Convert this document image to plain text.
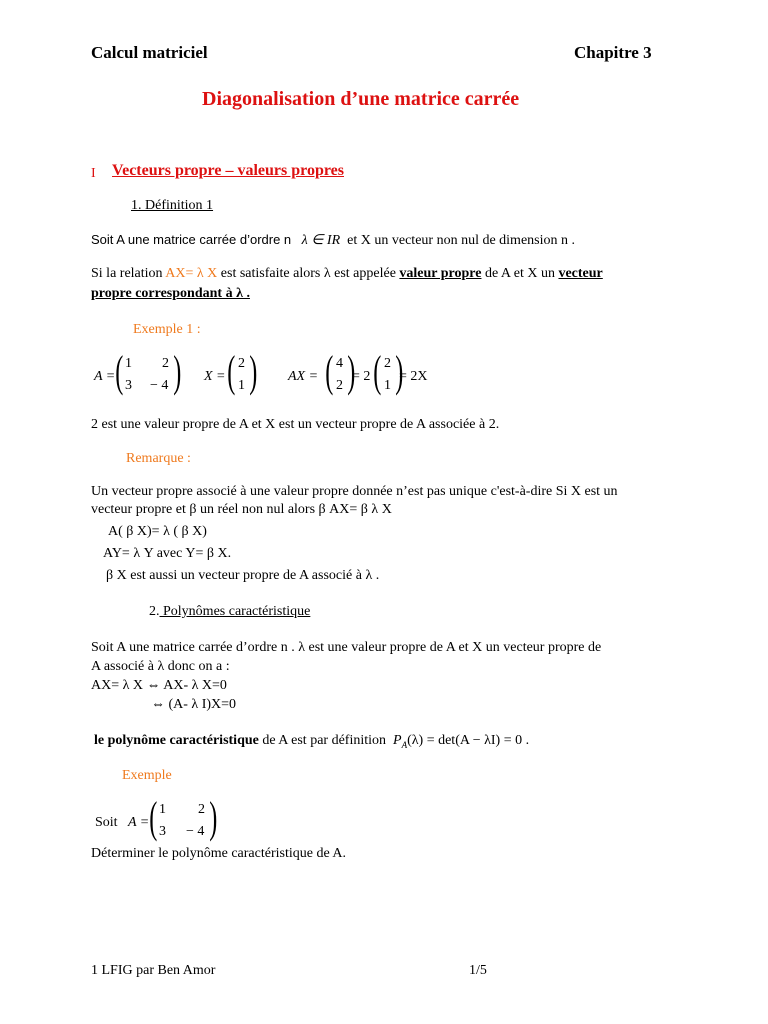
Calcul matriciel	Chapitre 3
Diagonalisation d’une matrice carrée
I Vecteurs propre – valeurs propres
1. Définition 1
Soit A une matrice carrée d’ordre n λ ∈ IR et X un vecteur non nul de dimension n .
Si la relation AX= λ X est satisfaite alors λ est appelée valeur propre de A et X un vecteur
propre correspondant à λ .
Exemple 1 :
A = ( 1 2
3 − 4 ) X = ( 2
1 ) AX = ( 4
2 )
= 2 ( 2
1 )
= 2X
2 est une valeur propre de A et X est un vecteur propre de A associée à 2.
Remarque :
Un vecteur propre associé à une valeur propre donnée n’est pas unique c'est-à-dire Si X est un
vecteur propre et β un réel non nul alors β AX= β λ X
A( β X)= λ ( β X)
AY= λ Y avec Y= β X.
β X est aussi un vecteur propre de A associé à λ .
2. Polynômes caractéristique
Soit A une matrice carrée d’ordre n . λ est une valeur propre de A et X un vecteur propre de
A associé à λ donc on a :
AX= λ X ⇔ AX- λ X=0
⇔ (A- λ I)X=0
le polynôme caractéristique de A est par définition $P_A(\lambda) = \det(A - \lambda I) = 0$ .
Exemple
Soit A = ( 1 2
3 − 4 )
Déterminer le polynôme caractéristique de A.
1 LFIG par Ben Amor	1/5
